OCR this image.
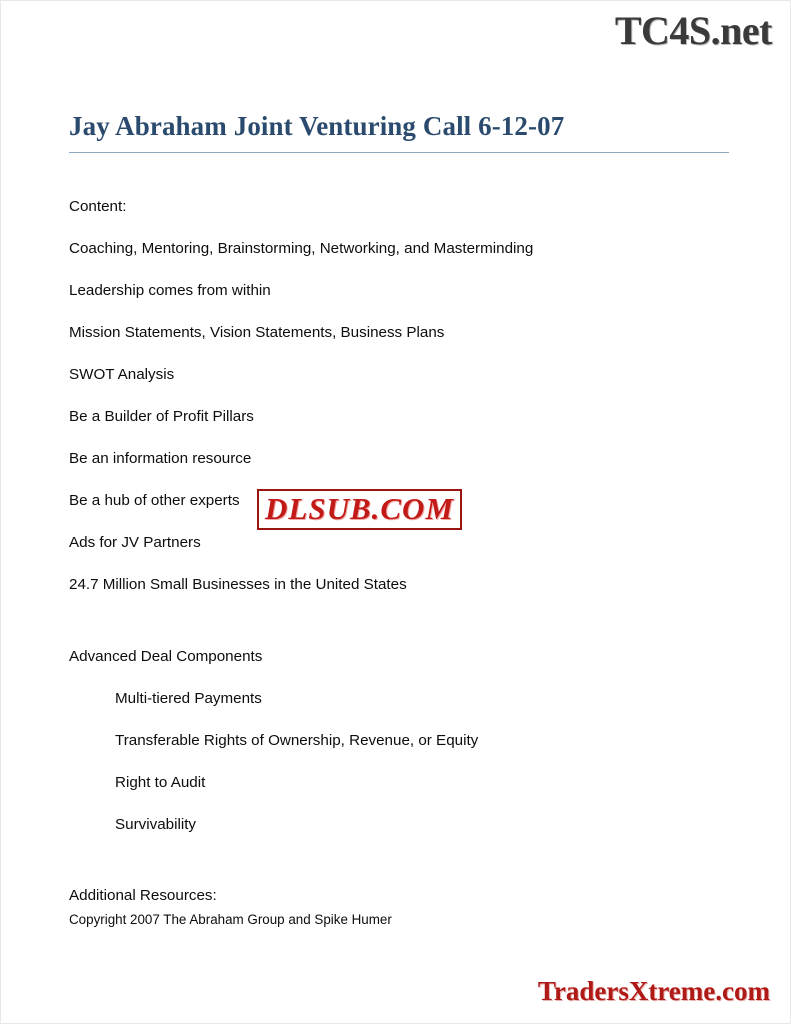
TC4S.net
Jay Abraham Joint Venturing Call 6-12-07

Content:

Coaching, Mentoring, Brainstorming, Networking, and Masterminding

Leadership comes from within

Mission Statements, Vision Statements, Business Plans

SWOT Analysis

Be a Builder of Profit Pillars

Be an information resource

Be a hub of other experts

Ads for JV Partners

24.7 Million Small Businesses in the United States

Advanced Deal Components

Multi-tiered Payments

Transferable Rights of Ownership, Revenue, or Equity

Right to Audit

Survivability

DLSUB.COM

Additional Resources:

Copyright 2007 The Abraham Group and Spike Humer

TradersXtreme.com
